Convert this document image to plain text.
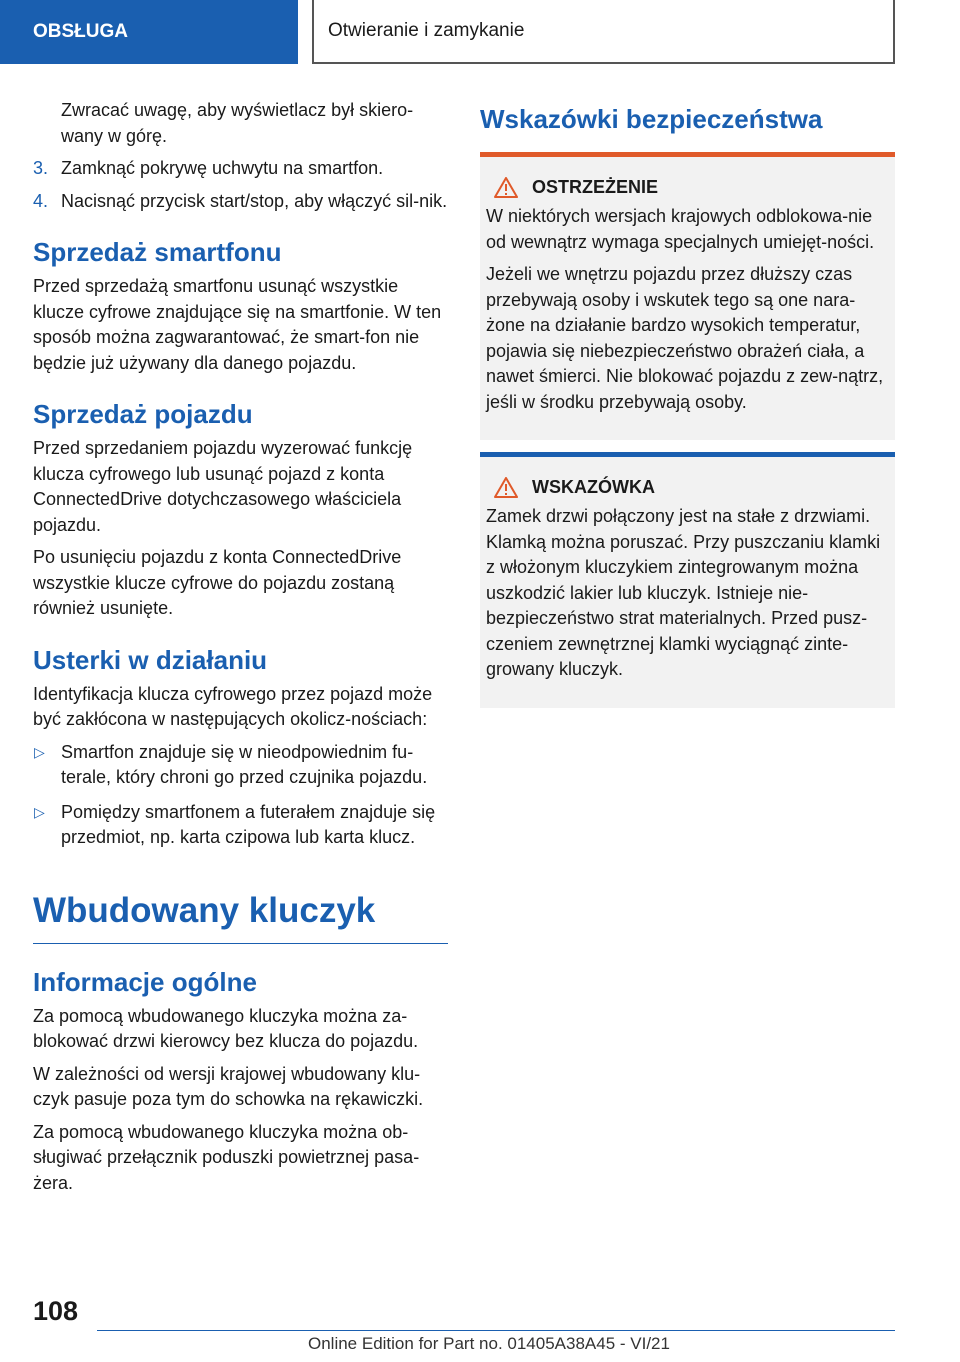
OBSŁUGA	Otwieranie i zamykanie

Zwracać uwagę, aby wyświetlacz był skiero-wany w górę.

3. Zamknąć pokrywę uchwytu na smartfon.
4. Nacisnąć przycisk start/stop, aby włączyć sil-nik.
Sprzedaż smartfonu

Przed sprzedażą smartfonu usunąć wszystkie klucze cyfrowe znajdujące się na smartfonie. W ten sposób można zagwarantować, że smart-fon nie będzie już używany dla danego pojazdu.

Sprzedaż pojazdu

Przed sprzedaniem pojazdu wyzerować funkcję klucza cyfrowego lub usunąć pojazd z konta ConnectedDrive dotychczasowego właściciela pojazdu.

Po usunięciu pojazdu z konta ConnectedDrive wszystkie klucze cyfrowe do pojazdu zostaną również usunięte.

Usterki w działaniu

Identyfikacja klucza cyfrowego przez pojazd może być zakłócona w następujących okolicz-nościach:

▷ Smartfon znajduje się w nieodpowiednim fu-terale, który chroni go przed czujnika pojazdu.
▷ Pomiędzy smartfonem a futerałem znajduje się przedmiot, np. karta czipowa lub karta klucz.
Wbudowany kluczyk
Informacje ogólne

Za pomocą wbudowanego kluczyka można za-blokować drzwi kierowcy bez klucza do pojazdu.

W zależności od wersji krajowej wbudowany klu-czyk pasuje poza tym do schowka na rękawiczki.

Za pomocą wbudowanego kluczyka można ob-sługiwać przełącznik poduszki powietrznej pasa-żera.

Wskazówki bezpieczeństwa
OSTRZEŻENIE

W niektórych wersjach krajowych odblokowa-nie od wewnątrz wymaga specjalnych umiejęt-ności.

Jeżeli we wnętrzu pojazdu przez dłuższy czas przebywają osoby i wskutek tego są one nara-żone na działanie bardzo wysokich temperatur, pojawia się niebezpieczeństwo obrażeń ciała, a nawet śmierci. Nie blokować pojazdu z zew-nątrz, jeśli w środku przebywają osoby.

WSKAZÓWKA

Zamek drzwi połączony jest na stałe z drzwiami. Klamką można poruszać. Przy puszczaniu klamki z włożonym kluczykiem zintegrowanym można uszkodzić lakier lub kluczyk. Istnieje nie-bezpieczeństwo strat materialnych. Przed pusz-czeniem zewnętrznej klamki wyciągnąć zinte-growany kluczyk.

108
Online Edition for Part no. 01405A38A45 - VI/21
